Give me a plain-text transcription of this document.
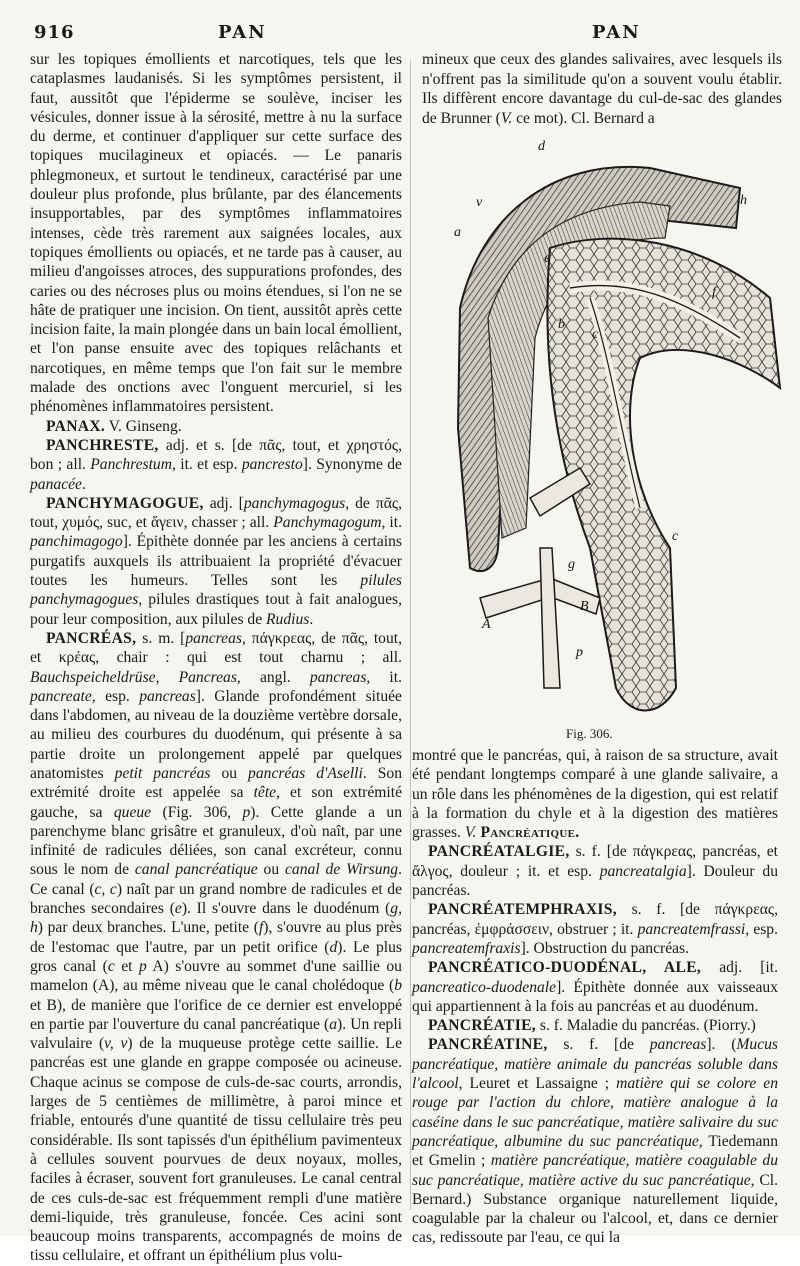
916	PAN	PAN

sur les topiques émollients et narcotiques, tels que les cataplasmes laudanisés. Si les symptômes persistent, il faut, aussitôt que l'épiderme se soulève, inciser les vésicules, donner issue à la sérosité, mettre à nu la surface du derme, et continuer d'appliquer sur cette surface des topiques mucilagineux et opiacés. — Le panaris phlegmoneux, et surtout le tendineux, caractérisé par une douleur plus profonde, plus brûlante, par des élancements insupportables, par des symptômes inflammatoires intenses, cède très rarement aux saignées locales, aux topiques émollients ou opiacés, et ne tarde pas à causer, au milieu d'angoisses atroces, des suppurations profondes, des caries ou des nécroses plus ou moins étendues, si l'on ne se hâte de pratiquer une incision. On tient, aussitôt après cette incision faite, la main plongée dans un bain local émollient, et l'on panse ensuite avec des topiques relâchants et narcotiques, en même temps que l'on fait sur le membre malade des onctions avec l'onguent mercuriel, si les phénomènes inflammatoires persistent.

PANAX. V. Ginseng.

PANCHRESTE, adj. et s. [de πᾶς, tout, et χρηστός, bon ; all. Panchrestum, it. et esp. pancresto]. Synonyme de panacée.

PANCHYMAGOGUE, adj. [panchymagogus, de πᾶς, tout, χυμός, suc, et ἄγειν, chasser ; all. Panchymagogum, it. panchimagogo]. Épithète donnée par les anciens à certains purgatifs auxquels ils attribuaient la propriété d'évacuer toutes les humeurs. Telles sont les pilules panchymagogues, pilules drastiques tout à fait analogues, pour leur composition, aux pilules de Rudius.

PANCRÉAS, s. m. [pancreas, πάγκρεας, de πᾶς, tout, et κρέας, chair : qui est tout charnu ; all. Bauchspeicheldrüse, Pancreas, angl. pancreas, it. pancreate, esp. pancreas]. Glande profondément située dans l'abdomen, au niveau de la douzième vertèbre dorsale, au milieu des courbures du duodénum, qui présente à sa partie droite un prolongement appelé par quelques anatomistes petit pancréas ou pancréas d'Aselli. Son extrémité droite est appelée sa tête, et son extrémité gauche, sa queue (Fig. 306, p). Cette glande a un parenchyme blanc grisâtre et granuleux, d'où naît, par une infinité de radicules déliées, son canal excréteur, connu sous le nom de canal pancréatique ou canal de Wirsung. Ce canal (c, c) naît par un grand nombre de radicules et de branches secondaires (e). Il s'ouvre dans le duodénum (g, h) par deux branches. L'une, petite (f), s'ouvre au plus près de l'estomac que l'autre, par un petit orifice (d). Le plus gros canal (c et p A) s'ouvre au sommet d'une saillie ou mamelon (A), au même niveau que le canal cholédoque (b et B), de manière que l'orifice de ce dernier est enveloppé en partie par l'ouverture du canal pancréatique (a). Un repli valvulaire (v, v) de la muqueuse protège cette saillie. Le pancréas est une glande en grappe composée ou acineuse. Chaque acinus se compose de culs-de-sac courts, arrondis, larges de 5 centièmes de millimètre, à paroi mince et friable, entourés d'une quantité de tissu cellulaire très peu considérable. Ils sont tapissés d'un épithélium pavimenteux à cellules souvent pourvues de deux noyaux, molles, faciles à écraser, souvent fort granuleuses. Le canal central de ces culs-de-sac est fréquemment rempli d'une matière demi-liquide, très granuleuse, foncée. Ces acini sont beaucoup moins transparents, accompagnés de moins de tissu cellulaire, et offrant un épithélium plus volu-

mineux que ceux des glandes salivaires, avec lesquels ils n'offrent pas la similitude qu'on a souvent voulu établir. Ils diffèrent encore davantage du cul-de-sac des glandes de Brunner (V. ce mot). Cl. Bernard a

d
v
a
h
e
f
b
c
c
A
B
g
p
Fig. 306.

montré que le pancréas, qui, à raison de sa structure, avait été pendant longtemps comparé à une glande salivaire, a un rôle dans les phénomènes de la digestion, qui est relatif à la formation du chyle et à la digestion des matières grasses. V. Pancréatique.

PANCRÉATALGIE, s. f. [de πάγκρεας, pancréas, et ἄλγος, douleur ; it. et esp. pancreatalgia]. Douleur du pancréas.

PANCRÉATEMPHRAXIS, s. f. [de πάγκρεας, pancréas, ἐμφράσσειν, obstruer ; it. pancreatemfrassi, esp. pancreatemfraxis]. Obstruction du pancréas.

PANCRÉATICO-DUODÉNAL, ALE, adj. [it. pancreatico-duodenale]. Épithète donnée aux vaisseaux qui appartiennent à la fois au pancréas et au duodénum.

PANCRÉATIE, s. f. Maladie du pancréas. (Piorry.)

PANCRÉATINE, s. f. [de pancreas]. (Mucus pancréatique, matière animale du pancréas soluble dans l'alcool, Leuret et Lassaigne ; matière qui se colore en rouge par l'action du chlore, matière analogue à la caséine dans le suc pancréatique, matière salivaire du suc pancréatique, albumine du suc pancréatique, Tiedemann et Gmelin ; matière pancréatique, matière coagulable du suc pancréatique, matière active du suc pancréatique, Cl. Bernard.) Substance organique naturellement liquide, coagulable par la chaleur ou l'alcool, et, dans ce dernier cas, redissoute par l'eau, ce qui la
